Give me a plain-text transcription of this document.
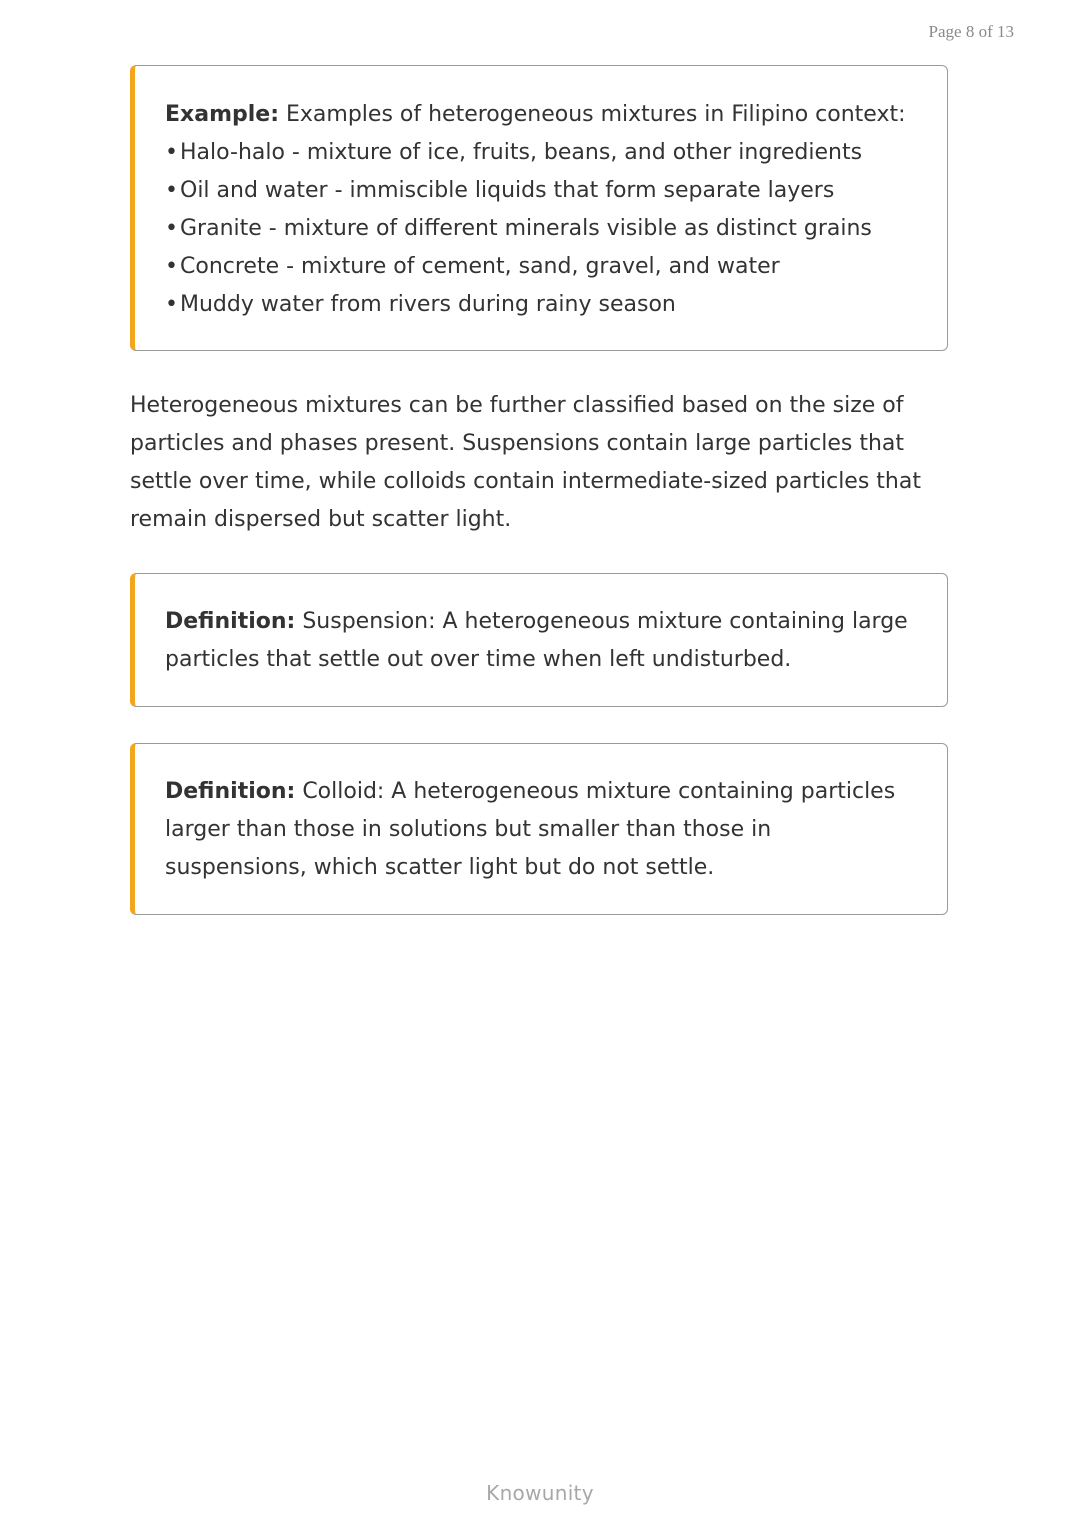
Page 8 of 13
Example: Examples of heterogeneous mixtures in Filipino context:
• Halo-halo - mixture of ice, fruits, beans, and other ingredients
• Oil and water - immiscible liquids that form separate layers
• Granite - mixture of different minerals visible as distinct grains
• Concrete - mixture of cement, sand, gravel, and water
• Muddy water from rivers during rainy season

Heterogeneous mixtures can be further classified based on the size of particles and phases present. Suspensions contain large particles that settle over time, while colloids contain intermediate-sized particles that remain dispersed but scatter light.

Definition: Suspension: A heterogeneous mixture containing large particles that settle out over time when left undisturbed.
Definition: Colloid: A heterogeneous mixture containing particles larger than those in solutions but smaller than those in suspensions, which scatter light but do not settle.
Knowunity
